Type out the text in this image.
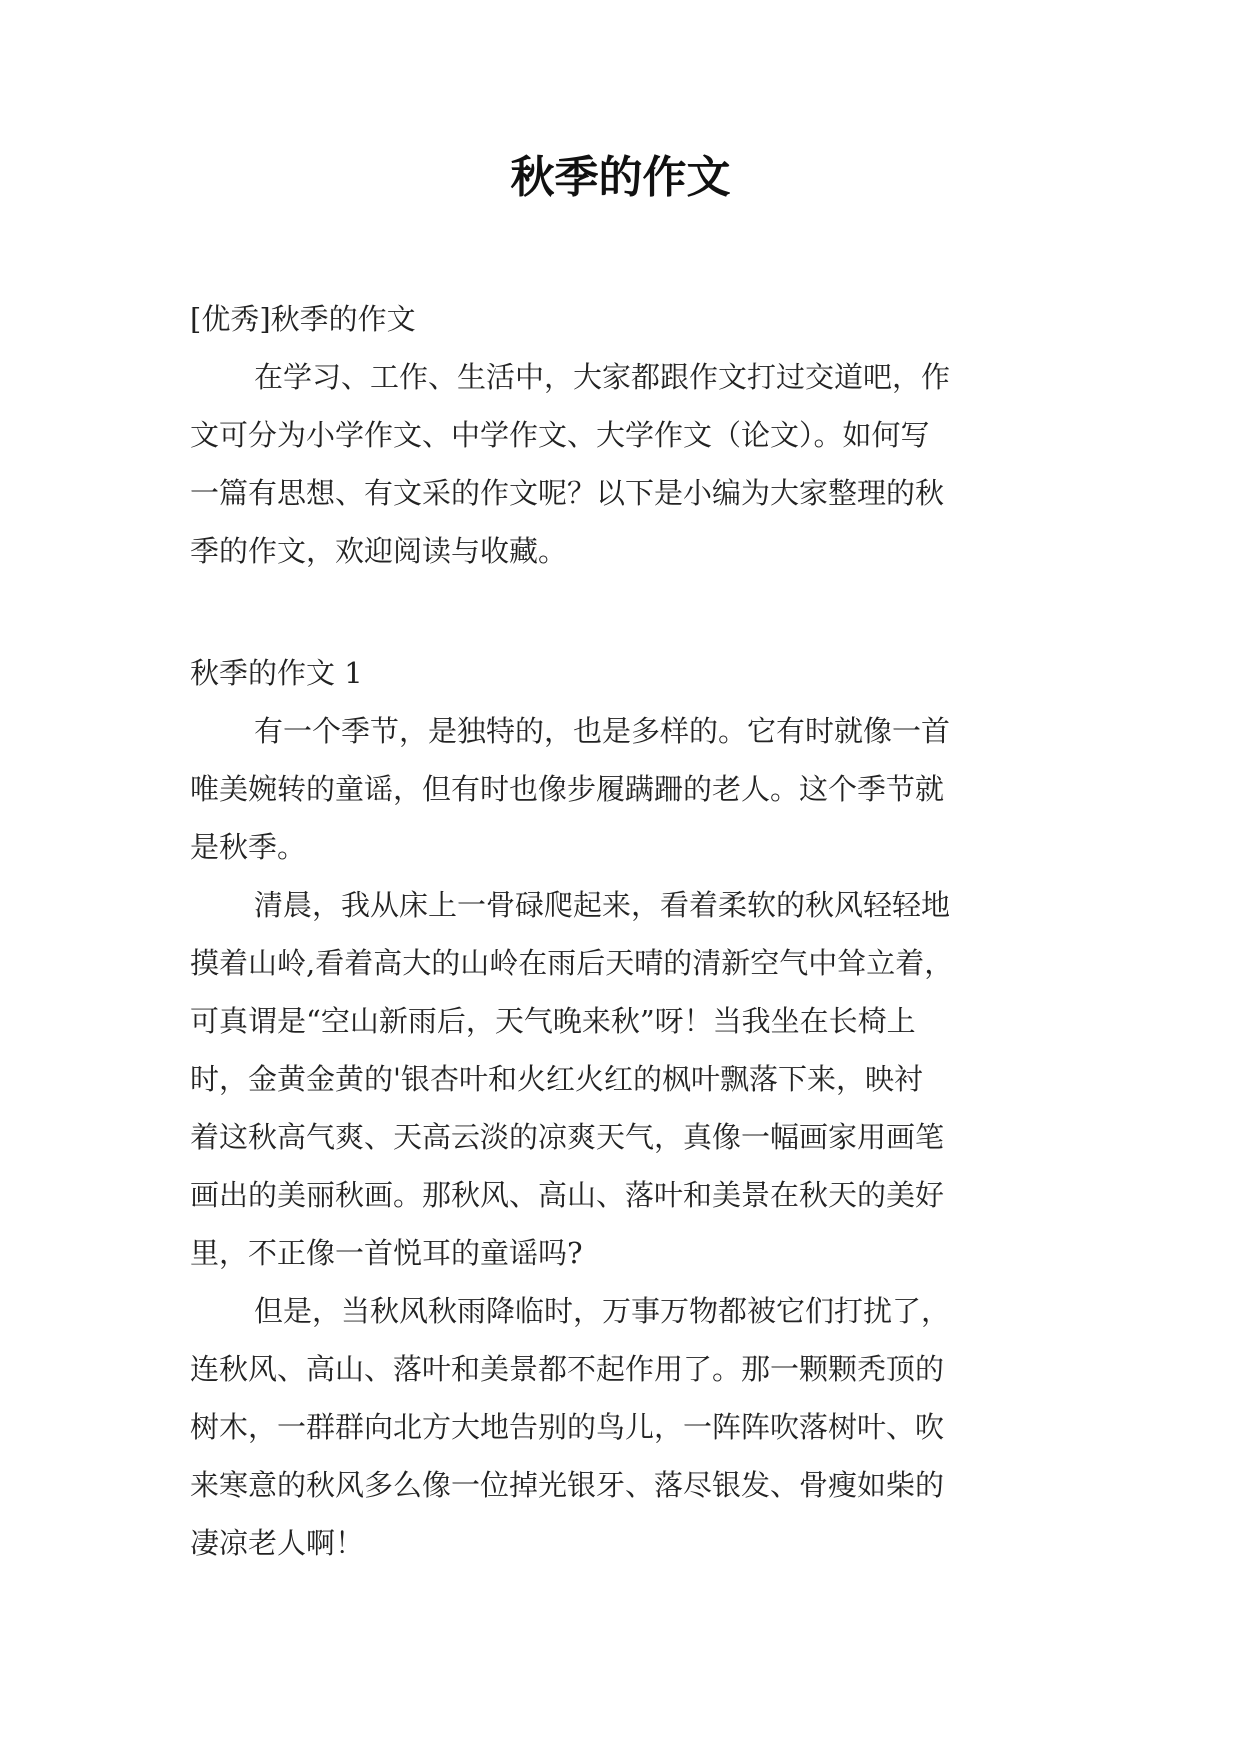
秋季的作文
[优秀]秋季的作文
在学习、工作、生活中，大家都跟作文打过交道吧，作
文可分为小学作文、中学作文、大学作文（论文）。如何写
一篇有思想、有文采的作文呢？以下是小编为大家整理的秋
季的作文，欢迎阅读与收藏。
秋季的作文 1
有一个季节，是独特的，也是多样的。它有时就像一首
唯美婉转的童谣，但有时也像步履蹒跚的老人。这个季节就
是秋季。
清晨，我从床上一骨碌爬起来，看着柔软的秋风轻轻地
摸着山岭,看着高大的山岭在雨后天晴的清新空气中耸立着，
可真谓是“空山新雨后，天气晚来秋”呀！当我坐在长椅上
时，金黄金黄的'银杏叶和火红火红的枫叶飘落下来，映衬
着这秋高气爽、天高云淡的凉爽天气，真像一幅画家用画笔
画出的美丽秋画。那秋风、高山、落叶和美景在秋天的美好
里，不正像一首悦耳的童谣吗?
但是，当秋风秋雨降临时，万事万物都被它们打扰了，
连秋风、高山、落叶和美景都不起作用了。那一颗颗秃顶的
树木，一群群向北方大地告别的鸟儿，一阵阵吹落树叶、吹
来寒意的秋风多么像一位掉光银牙、落尽银发、骨瘦如柴的
凄凉老人啊！
